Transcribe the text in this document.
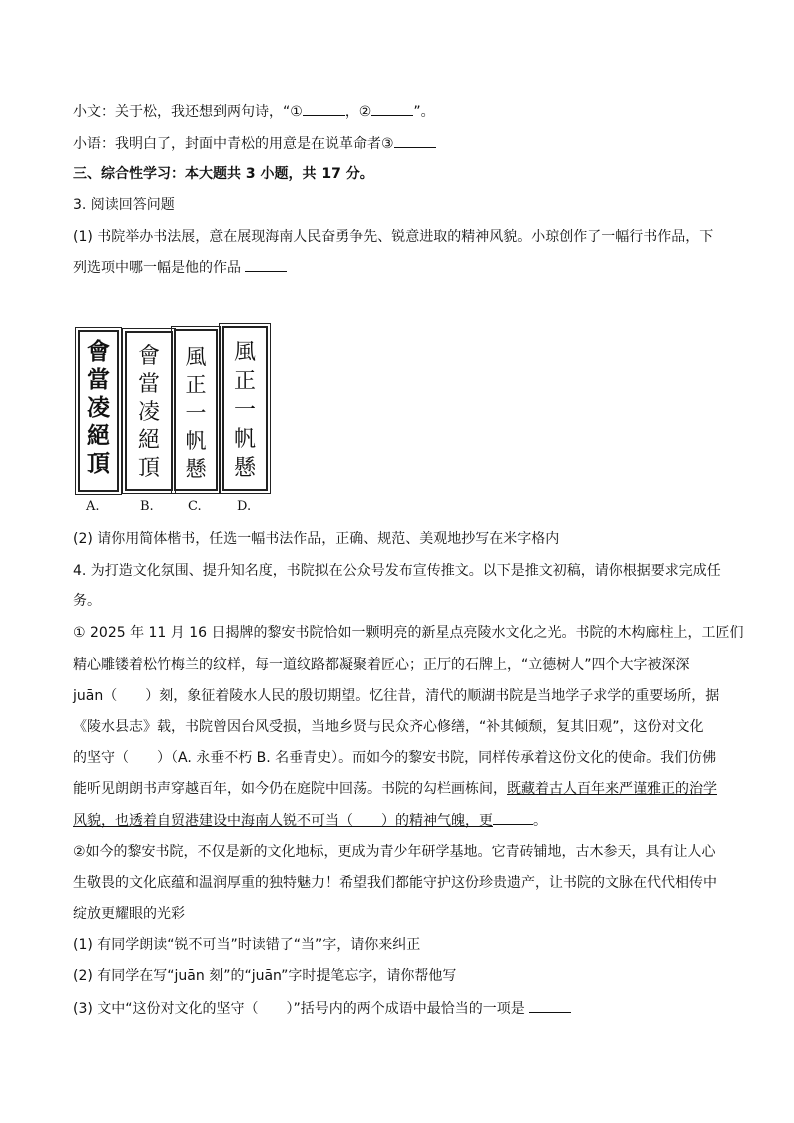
小文：关于松，我还想到两句诗，“①	，②	”。
小语：我明白了，封面中青松的用意是在说革命者③
三、综合性学习：本大题共 3 小题，共 17 分。
3. 阅读回答问题
(1) 书院举办书法展，意在展现海南人民奋勇争先、锐意进取的精神风貌。小琼创作了一幅行书作品，下
列选项中哪一幅是他的作品
會
當
凌
絕
頂
會
當
凌
絕
頂
風
正
一
帆
懸
風
正
一
帆
懸
A.	B.	C.	D.
(2) 请你用简体楷书，任选一幅书法作品，正确、规范、美观地抄写在米字格内
4. 为打造文化氛围、提升知名度，书院拟在公众号发布宣传推文。以下是推文初稿，请你根据要求完成任
务。
① 2025 年 11 月 16 日揭牌的黎安书院恰如一颗明亮的新星点亮陵水文化之光。书院的木构廊柱上，工匠们
精心雕镂着松竹梅兰的纹样，每一道纹路都凝聚着匠心；正厅的石牌上，“立德树人”四个大字被深深
juān（　　）刻，象征着陵水人民的殷切期望。忆往昔，清代的顺湖书院是当地学子求学的重要场所，据
《陵水县志》载，书院曾因台风受损，当地乡贤与民众齐心修缮，“补其倾颓，复其旧观”，这份对文化
的坚守（　　）（A. 永垂不朽 B. 名垂青史）。而如今的黎安书院，同样传承着这份文化的使命。我们仿佛
能听见朗朗书声穿越百年，如今仍在庭院中回荡。书院的勾栏画栋间，既藏着古人百年来严谨雅正的治学
风貌，也透着自贸港建设中海南人锐不可当（　　）的精神气魄，更	。
②如今的黎安书院，不仅是新的文化地标，更成为青少年研学基地。它青砖铺地，古木参天，具有让人心
生敬畏的文化底蕴和温润厚重的独特魅力！希望我们都能守护这份珍贵遗产，让书院的文脉在代代相传中
绽放更耀眼的光彩
(1) 有同学朗读“锐不可当”时读错了“当”字，请你来纠正
(2) 有同学在写“juān 刻”的“juān”字时提笔忘字，请你帮他写
(3) 文中“这份对文化的坚守（　　）”括号内的两个成语中最恰当的一项是
